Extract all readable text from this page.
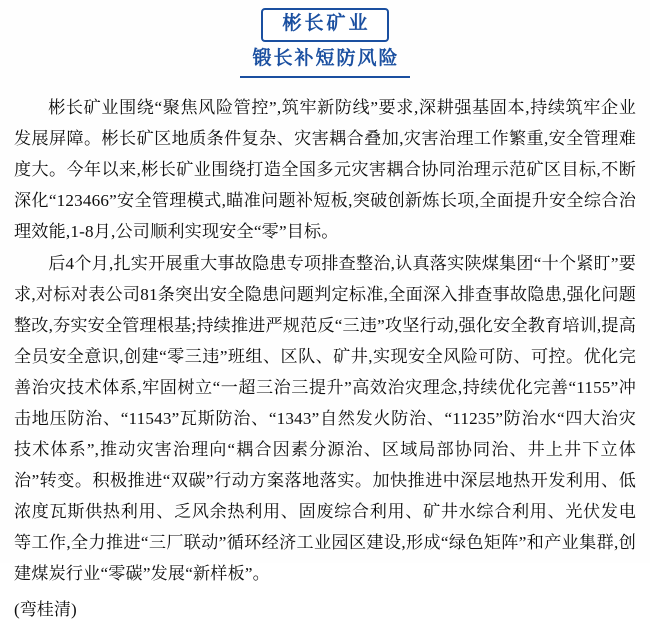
彬长矿业
锻长补短防风险

彬长矿业围绕“聚焦风险管控”,筑牢新防线”要求,深耕强基固本,持续筑牢企业发展屏障。彬长矿区地质条件复杂、灾害耦合叠加,灾害治理工作繁重,安全管理难度大。今年以来,彬长矿业围绕打造全国多元灾害耦合协同治理示范矿区目标,不断深化“123466”安全管理模式,瞄准问题补短板,突破创新炼长项,全面提升安全综合治理效能,1-8月,公司顺利实现安全“零”目标。

后4个月,扎实开展重大事故隐患专项排查整治,认真落实陕煤集团“十个紧盯”要求,对标对表公司81条突出安全隐患问题判定标准,全面深入排查事故隐患,强化问题整改,夯实安全管理根基;持续推进严规范反“三违”攻坚行动,强化安全教育培训,提高全员安全意识,创建“零三违”班组、区队、矿井,实现安全风险可防、可控。优化完善治灾技术体系,牢固树立“一超三治三提升”高效治灾理念,持续优化完善“1155”冲击地压防治、“11543”瓦斯防治、“1343”自然发火防治、“11235”防治水“四大治灾技术体系”,推动灾害治理向“耦合因素分源治、区域局部协同治、井上井下立体治”转变。积极推进“双碳”行动方案落地落实。加快推进中深层地热开发利用、低浓度瓦斯供热利用、乏风余热利用、固废综合利用、矿井水综合利用、光伏发电等工作,全力推进“三厂联动”循环经济工业园区建设,形成“绿色矩阵”和产业集群,创建煤炭行业“零碳”发展“新样板”。

(弯桂清)
